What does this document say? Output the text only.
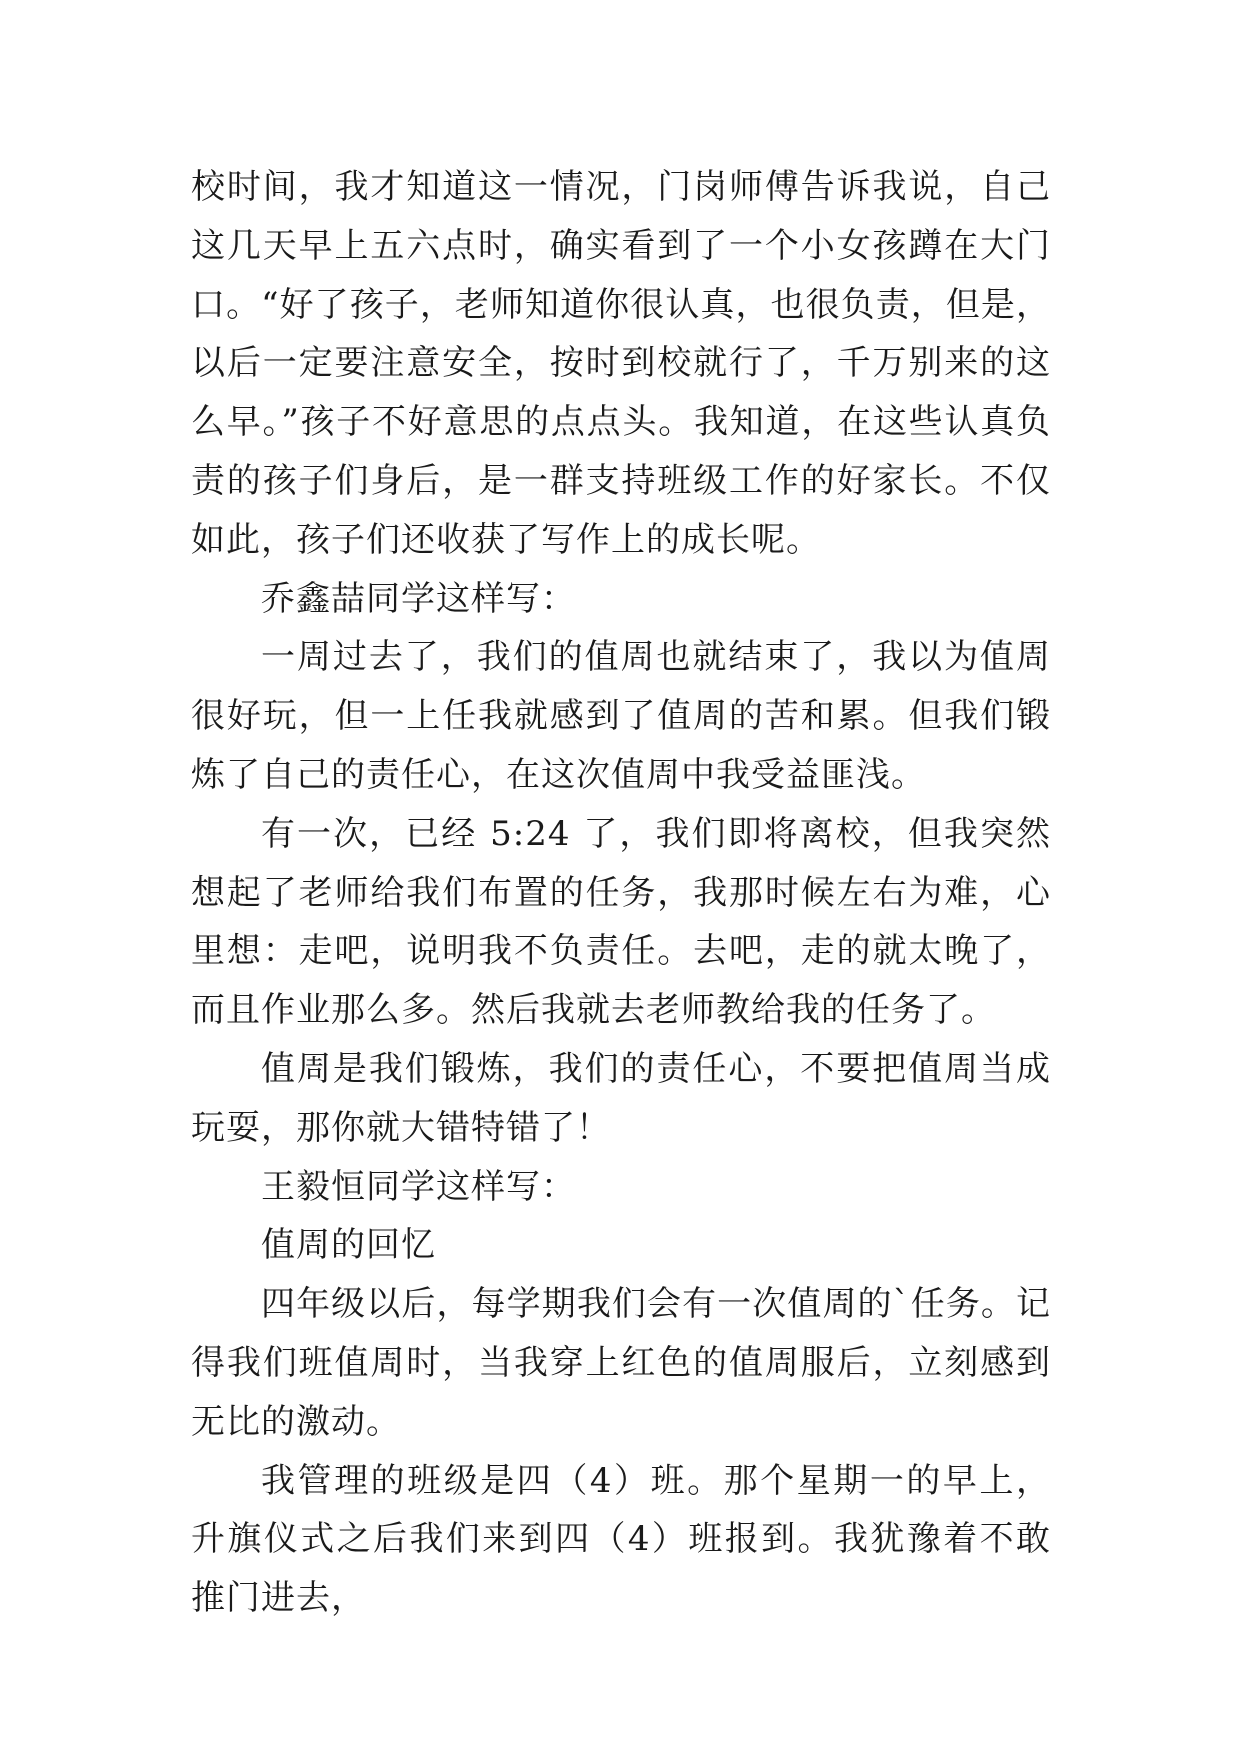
校时间，我才知道这一情况，门岗师傅告诉我说，自己这几天早上五六点时，确实看到了一个小女孩蹲在大门口。“好了孩子，老师知道你很认真，也很负责，但是，以后一定要注意安全，按时到校就行了，千万别来的这么早。”孩子不好意思的点点头。我知道，在这些认真负责的孩子们身后，是一群支持班级工作的好家长。不仅如此，孩子们还收获了写作上的成长呢。

乔鑫喆同学这样写：

一周过去了，我们的值周也就结束了，我以为值周很好玩，但一上任我就感到了值周的苦和累。但我们锻炼了自己的责任心，在这次值周中我受益匪浅。

有一次，已经 5:24 了，我们即将离校，但我突然想起了老师给我们布置的任务，我那时候左右为难，心里想：走吧，说明我不负责任。去吧，走的就太晚了，而且作业那么多。然后我就去老师教给我的任务了。

值周是我们锻炼，我们的责任心，不要把值周当成玩耍，那你就大错特错了！

王毅恒同学这样写：

值周的回忆

四年级以后，每学期我们会有一次值周的`任务。记得我们班值周时，当我穿上红色的值周服后，立刻感到无比的激动。

我管理的班级是四（4）班。那个星期一的早上，升旗仪式之后我们来到四（4）班报到。我犹豫着不敢推门进去，
